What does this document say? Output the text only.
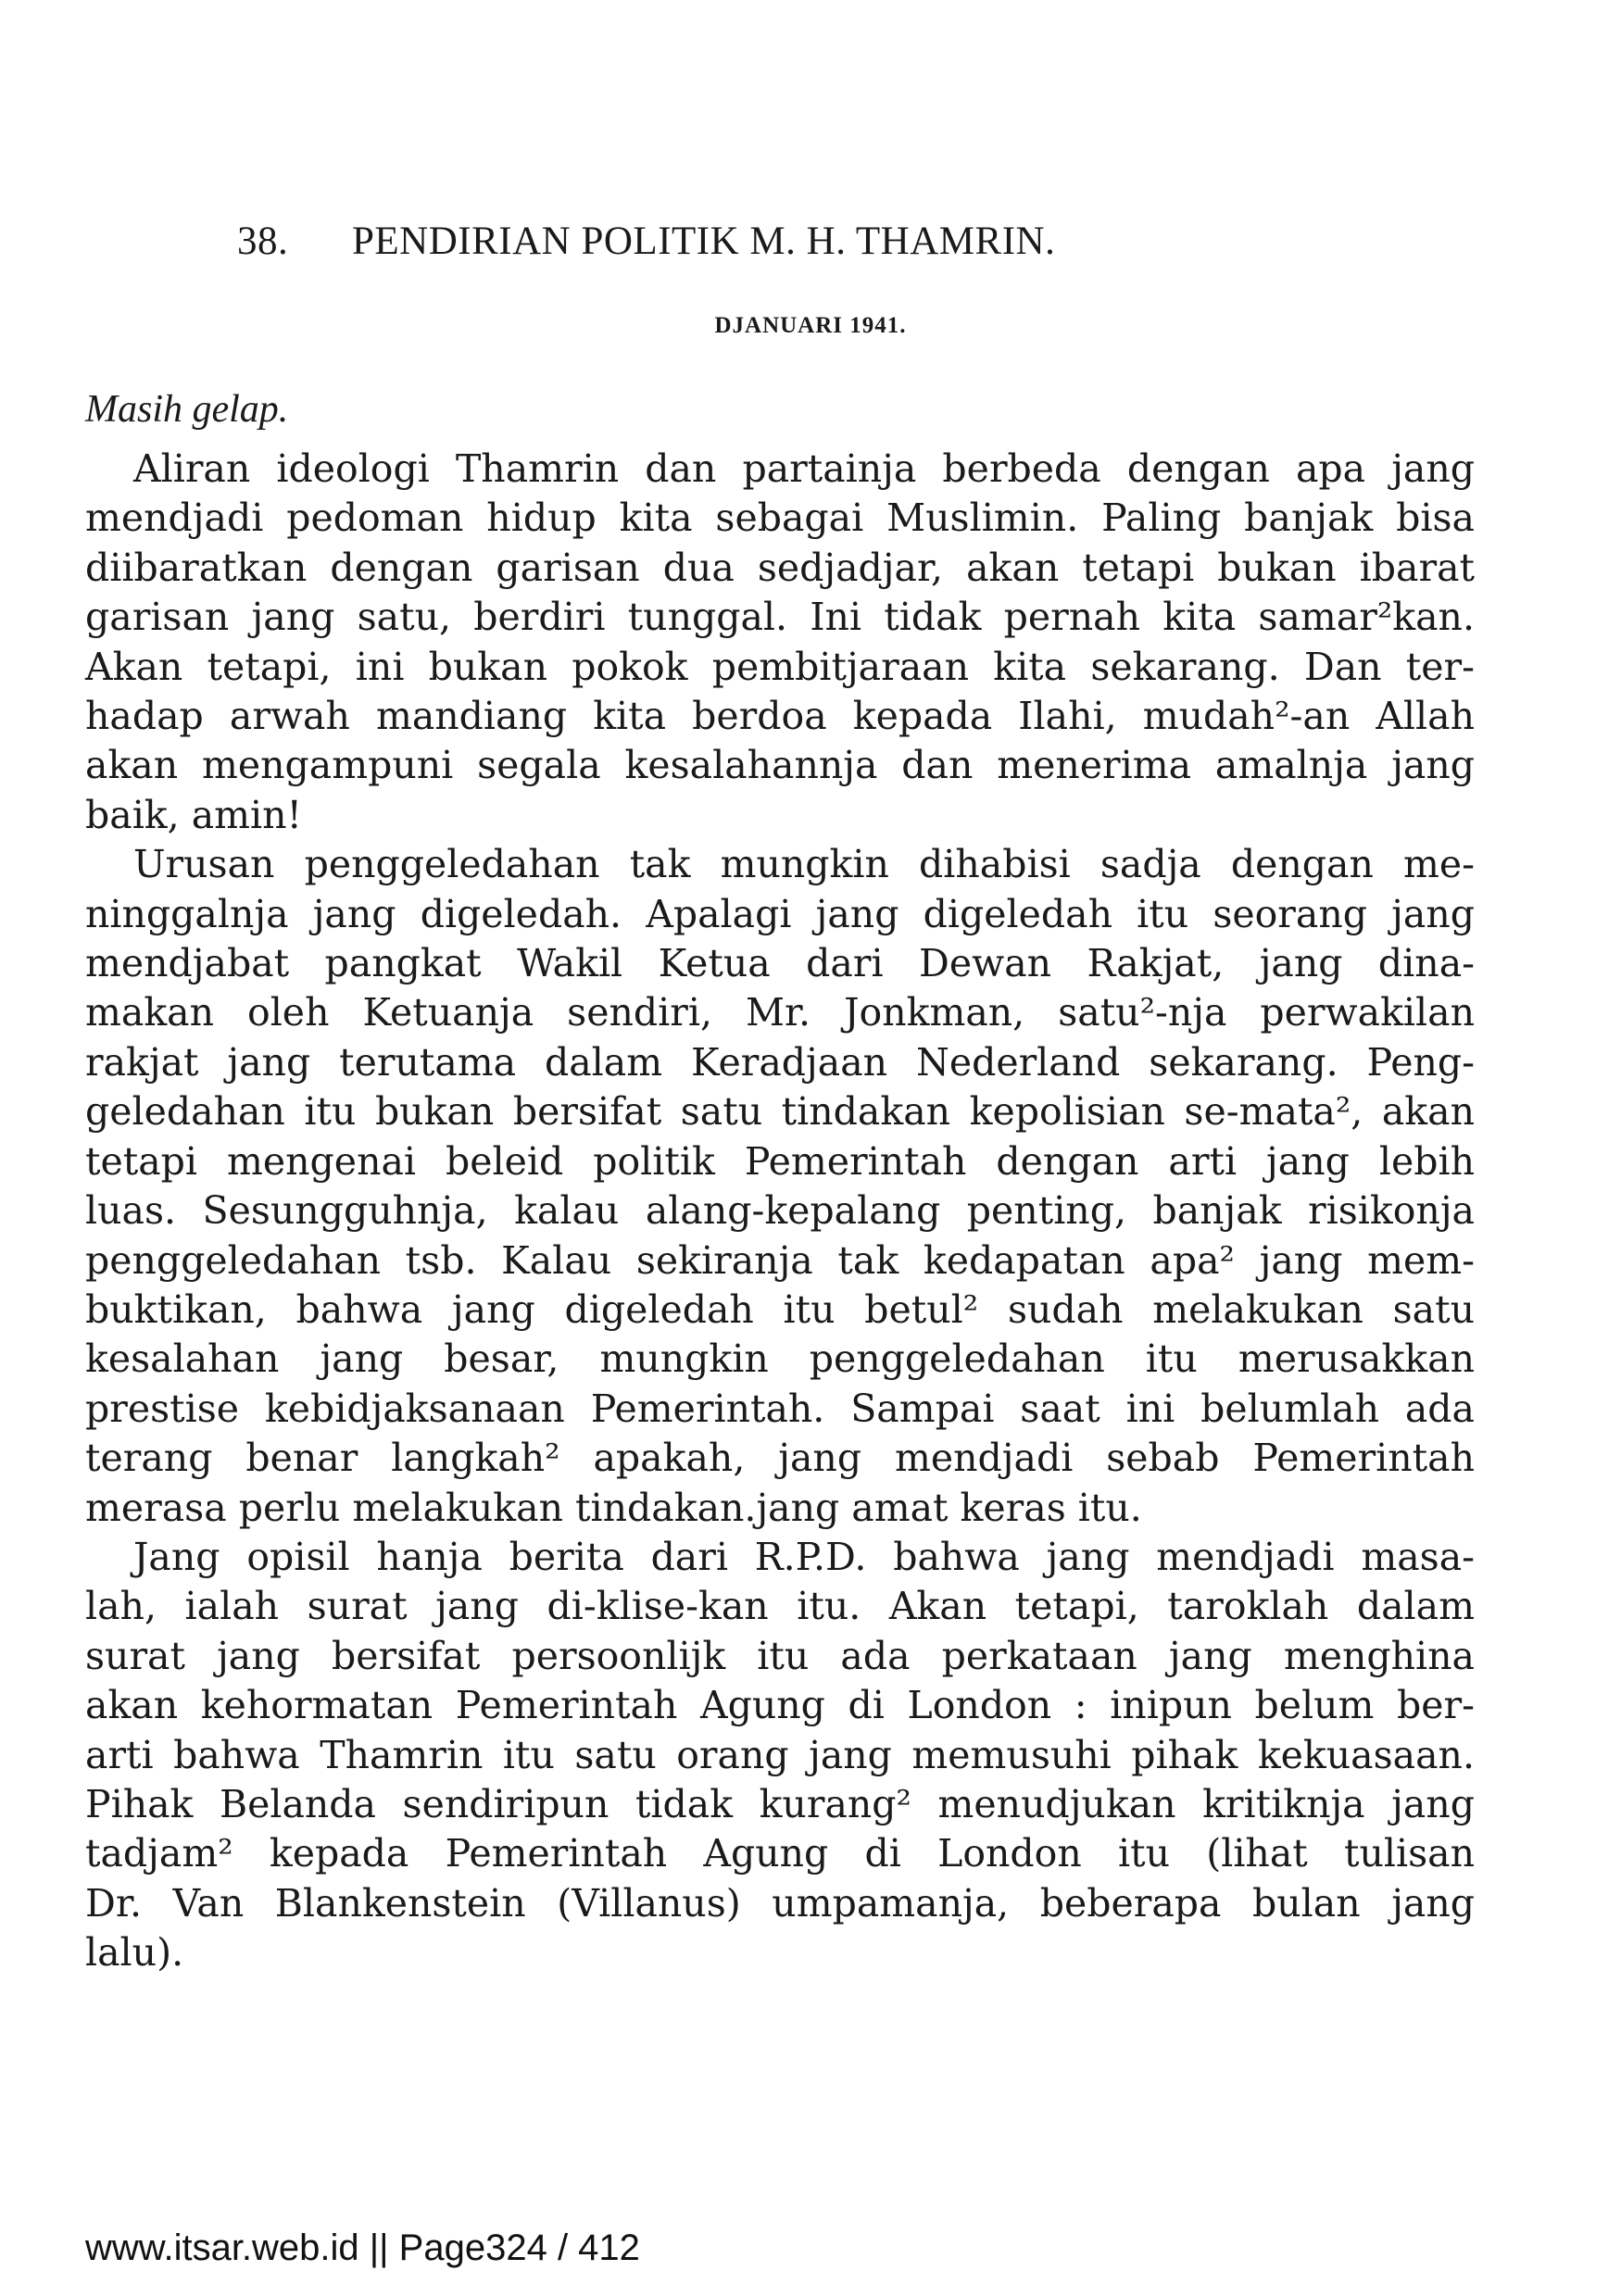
38. PENDIRIAN POLITIK M. H. THAMRIN.
DJANUARI 1941.
Masih gelap.
Aliran ideologi Thamrin dan partainja berbeda dengan apa jang
mendjadi pedoman hidup kita sebagai Muslimin. Paling banjak bisa
diibaratkan dengan garisan dua sedjadjar, akan tetapi bukan ibarat
garisan jang satu, berdiri tunggal. Ini tidak pernah kita samar²kan.
Akan tetapi, ini bukan pokok pembitjaraan kita sekarang. Dan ter-
hadap arwah mandiang kita berdoa kepada Ilahi, mudah²-an Allah
akan mengampuni segala kesalahannja dan menerima amalnja jang
baik, amin!
Urusan penggeledahan tak mungkin dihabisi sadja dengan me-
ninggalnja jang digeledah. Apalagi jang digeledah itu seorang jang
mendjabat pangkat Wakil Ketua dari Dewan Rakjat, jang dina-
makan oleh Ketuanja sendiri, Mr. Jonkman, satu²-nja perwakilan
rakjat jang terutama dalam Keradjaan Nederland sekarang. Peng-
geledahan itu bukan bersifat satu tindakan kepolisian se-mata², akan
tetapi mengenai beleid politik Pemerintah dengan arti jang lebih
luas. Sesungguhnja, kalau alang-kepalang penting, banjak risikonja
penggeledahan tsb. Kalau sekiranja tak kedapatan apa² jang mem-
buktikan, bahwa jang digeledah itu betul² sudah melakukan satu
kesalahan jang besar, mungkin penggeledahan itu merusakkan
prestise kebidjaksanaan Pemerintah. Sampai saat ini belumlah ada
terang benar langkah² apakah, jang mendjadi sebab Pemerintah
merasa perlu melakukan tindakan.jang amat keras itu.
Jang opisil hanja berita dari R.P.D. bahwa jang mendjadi masa-
lah, ialah surat jang di-klise-kan itu. Akan tetapi, taroklah dalam
surat jang bersifat persoonlijk itu ada perkataan jang menghina
akan kehormatan Pemerintah Agung di London : inipun belum ber-
arti bahwa Thamrin itu satu orang jang memusuhi pihak kekuasaan.
Pihak Belanda sendiripun tidak kurang² menudjukan kritiknja jang
tadjam² kepada Pemerintah Agung di London itu (lihat tulisan
Dr. Van Blankenstein (Villanus) umpamanja, beberapa bulan jang
lalu).
www.itsar.web.id || Page324 / 412
